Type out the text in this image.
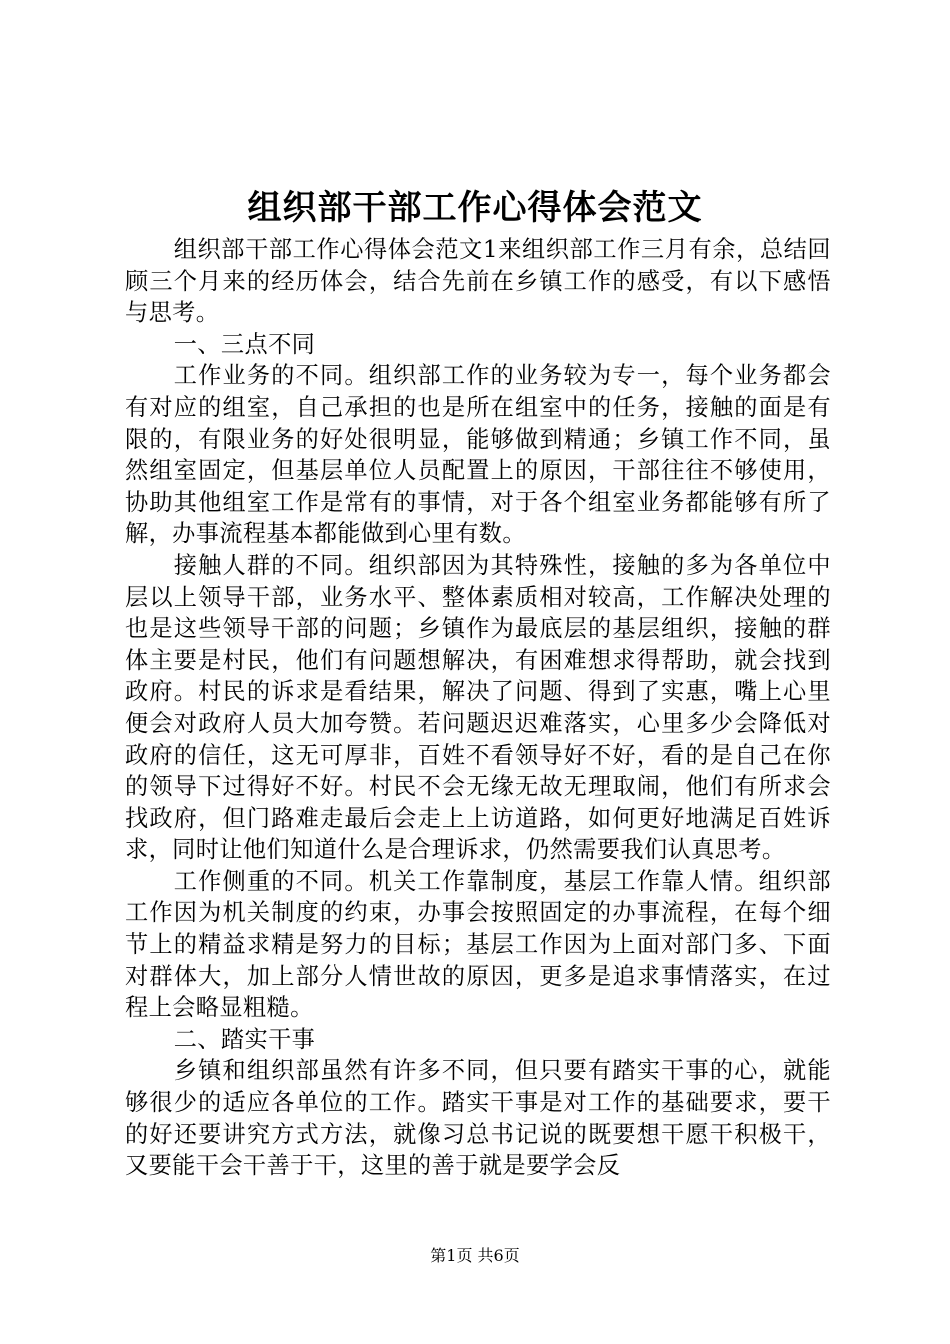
组织部干部工作心得体会范文

组织部干部工作心得体会范文1来组织部工作三月有余，总结回顾三个月来的经历体会，结合先前在乡镇工作的感受，有以下感悟与思考。

一、三点不同

工作业务的不同。组织部工作的业务较为专一，每个业务都会有对应的组室，自己承担的也是所在组室中的任务，接触的面是有限的，有限业务的好处很明显，能够做到精通；乡镇工作不同，虽然组室固定，但基层单位人员配置上的原因，干部往往不够使用，协助其他组室工作是常有的事情，对于各个组室业务都能够有所了解，办事流程基本都能做到心里有数。

接触人群的不同。组织部因为其特殊性，接触的多为各单位中层以上领导干部，业务水平、整体素质相对较高，工作解决处理的也是这些领导干部的问题；乡镇作为最底层的基层组织，接触的群体主要是村民，他们有问题想解决，有困难想求得帮助，就会找到政府。村民的诉求是看结果，解决了问题、得到了实惠，嘴上心里便会对政府人员大加夸赞。若问题迟迟难落实，心里多少会降低对政府的信任，这无可厚非，百姓不看领导好不好，看的是自己在你的领导下过得好不好。村民不会无缘无故无理取闹，他们有所求会找政府，但门路难走最后会走上上访道路，如何更好地满足百姓诉求，同时让他们知道什么是合理诉求，仍然需要我们认真思考。

工作侧重的不同。机关工作靠制度，基层工作靠人情。组织部工作因为机关制度的约束，办事会按照固定的办事流程，在每个细节上的精益求精是努力的目标；基层工作因为上面对部门多、下面对群体大，加上部分人情世故的原因，更多是追求事情落实，在过程上会略显粗糙。

二、踏实干事

乡镇和组织部虽然有许多不同，但只要有踏实干事的心，就能够很少的适应各单位的工作。踏实干事是对工作的基础要求，要干的好还要讲究方式方法，就像习总书记说的既要想干愿干积极干，又要能干会干善于干，这里的善于就是要学会反

第1页 共6页
